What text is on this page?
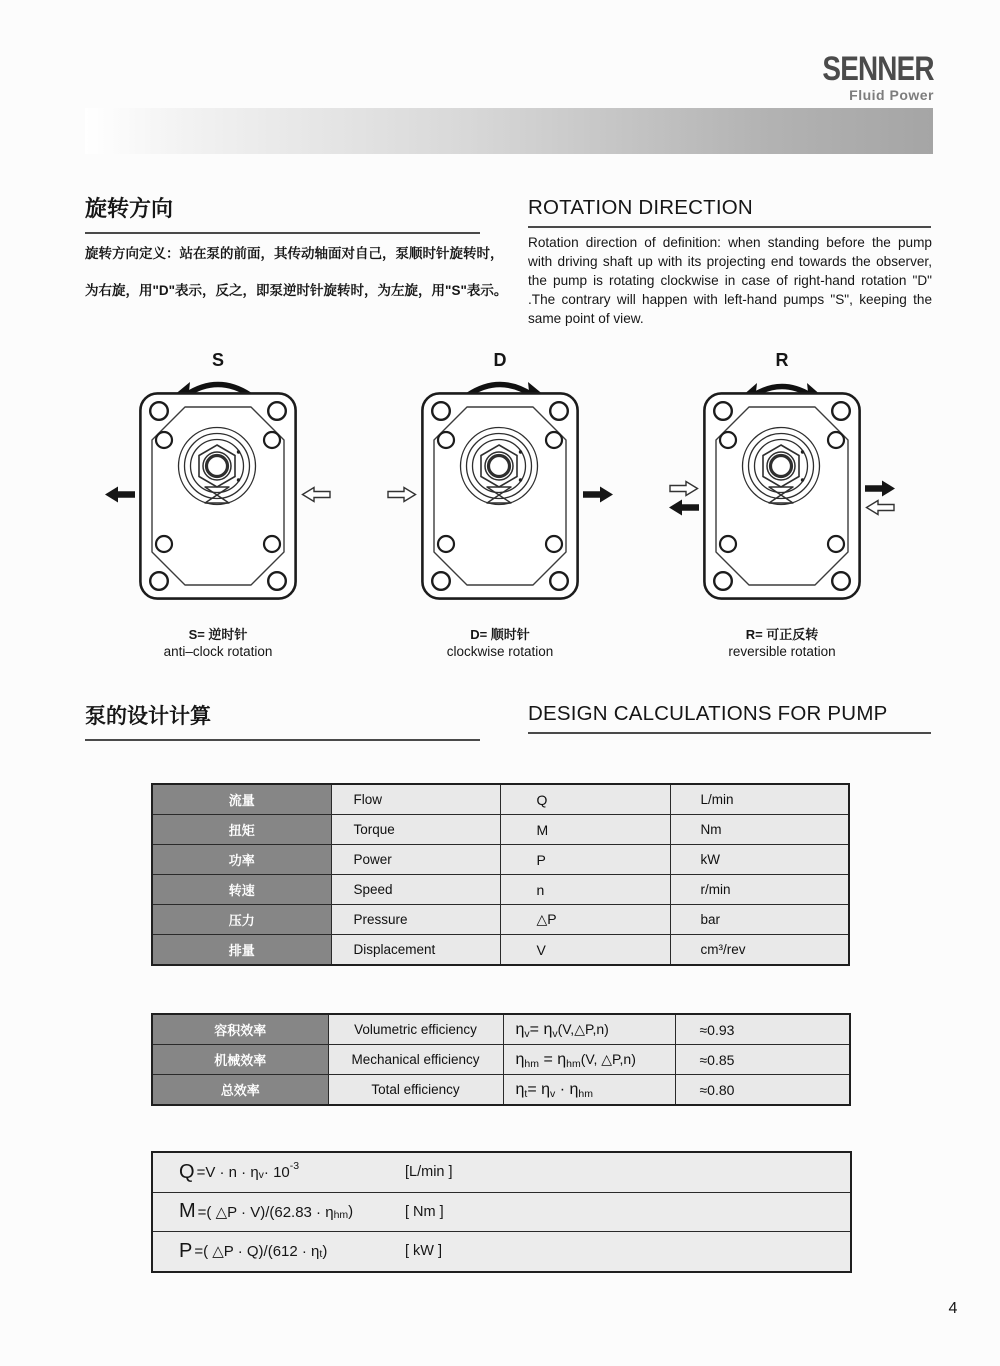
SENNER
Fluid Power
旋转方向	ROTATION DIRECTION
旋转方向定义：站在泵的前面，其传动轴面对自己，泵顺时针旋转时，为右旋，用"D"表示，反之，即泵逆时针旋转时，为左旋，用"S"表示。
Rotation direction of definition: when standing before the pump with driving shaft up with its projecting end towards the observer, the pump is rotating clockwise in case of right-hand rotation "D" .The contrary will happen with left-hand pumps "S", keeping the same point of view.
S
S= 逆时针
anti–clock rotation
D
D= 顺时针
clockwise rotation
R
R= 可正反转
reversible rotation
泵的设计计算	DESIGN CALCULATIONS FOR PUMP
流量	Flow	Q	L/min
扭矩	Torque	M	Nm
功率	Power	P	kW
转速	Speed	n	r/min
压力	Pressure	△P	bar
排量	Displacement	V	cm³/rev
容积效率	Volumetric efficiency	$\eta_v=$ $\eta_v(V,\triangle P,n)$	≈0.93
机械效率	Mechanical efficiency	$\eta_{hm} = \eta_{hm}(V$, △P,n)	≈0.85
总效率	Total efficiency	$\eta_t= \eta_v \cdot \eta_{hm}$	≈0.80
Q =V · n · η v · 10 -3	[L/min ]
M =( △P · V)/(62.83 · η hm )	[ Nm ]
P =( △P · Q)/(612 · η t )	[ kW ]
4
